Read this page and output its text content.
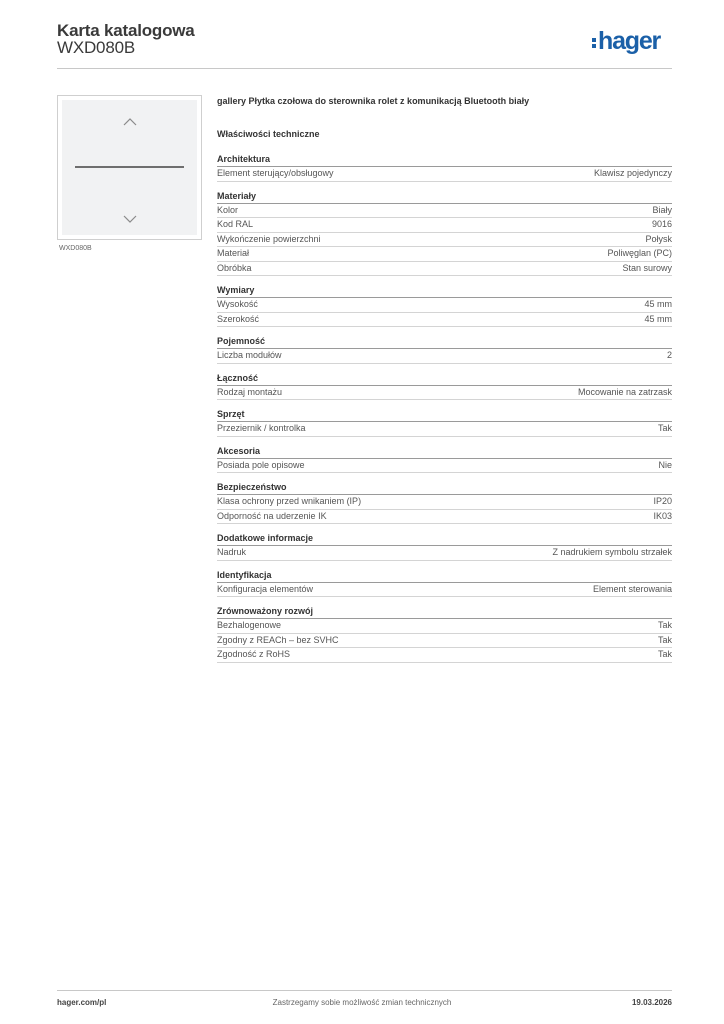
Karta katalogowa
WXD080B	hager
WXD080B
gallery Płytka czołowa do sterownika rolet z komunikacją Bluetooth biały
Właściwości techniczne
Architektura
Element sterujący/obsługowy	Klawisz pojedynczy
Materiały
Kolor	Biały
Kod RAL	9016
Wykończenie powierzchni	Połysk
Materiał	Poliwęglan (PC)
Obróbka	Stan surowy
Wymiary
Wysokość	45 mm
Szerokość	45 mm
Pojemność
Liczba modułów	2
Łączność
Rodzaj montażu	Mocowanie na zatrzask
Sprzęt
Przeziernik / kontrolka	Tak
Akcesoria
Posiada pole opisowe	Nie
Bezpieczeństwo
Klasa ochrony przed wnikaniem (IP)	IP20
Odporność na uderzenie IK	IK03
Dodatkowe informacje
Nadruk	Z nadrukiem symbolu strzałek
Identyfikacja
Konfiguracja elementów	Element sterowania
Zrównoważony rozwój
Bezhalogenowe	Tak
Zgodny z REACh – bez SVHC	Tak
Zgodność z RoHS	Tak
hager.com/pl	Zastrzegamy sobie możliwość zmian technicznych	19.03.2026
